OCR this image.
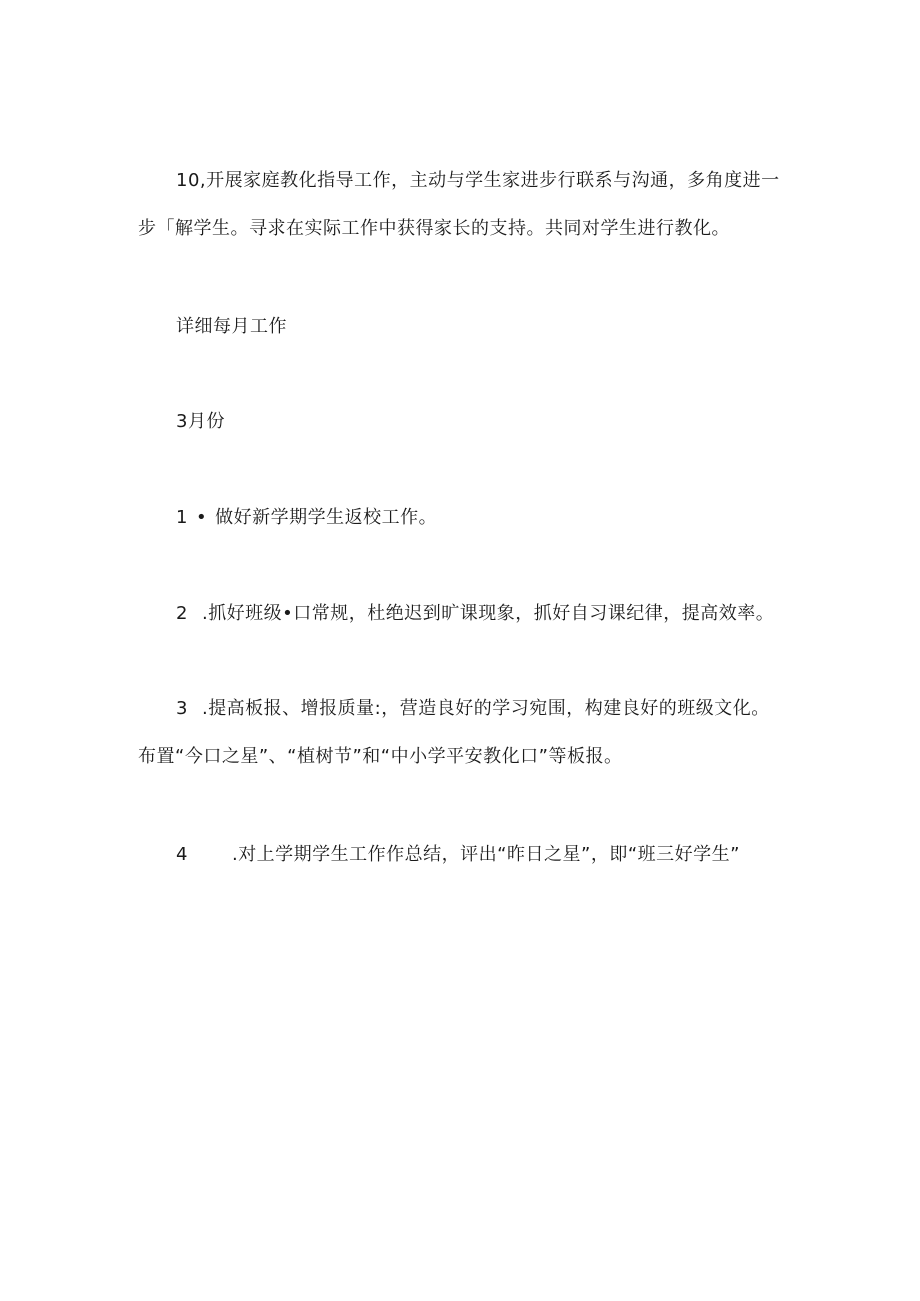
10,开展家庭教化指导工作，主动与学生家进步行联系与沟通，多角度进一
步「解学生。寻求在实际工作中获得家长的支持。共同对学生进行教化。
详细每月工作
3月份
1 • 做好新学期学生返校工作。
2 .抓好班级•口常规，杜绝迟到旷课现象，抓好自习课纪律，提高效率。
3 .提高板报、增报质量:，营造良好的学习宛围，构建良好的班级文化。
布置“今口之星”、“植树节”和“中小学平安教化口”等板报。
4 .对上学期学生工作作总结，评出“昨日之星”，即“班三好学生”
